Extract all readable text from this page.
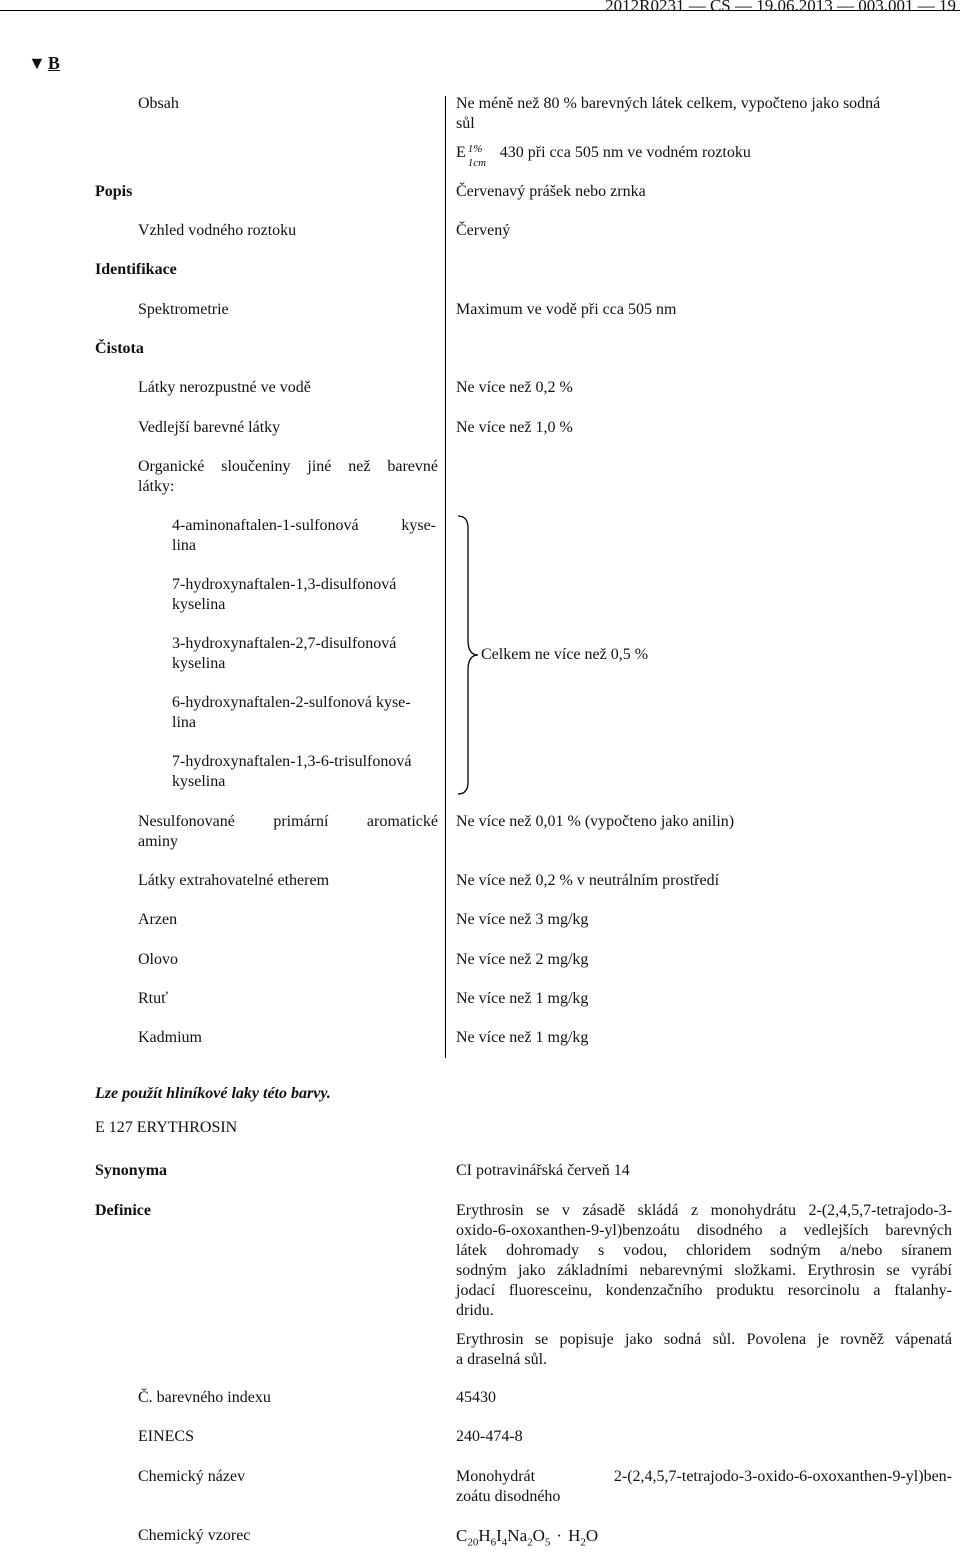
2012R0231 — CS — 19.06.2013 — 003.001 — 19
▼ B
Obsah	Ne méně než 80 % barevných látek celkem, vypočteno jako sodná
sůl
E 1%
1cm
430 při cca 505 nm ve vodném roztoku
Popis	Červenavý prášek nebo zrnka
Vzhled vodného roztoku	Červený
Identifikace
Spektrometrie	Maximum ve vodě při cca 505 nm
Čistota
Látky nerozpustné ve vodě	Ne více než 0,2 %
Vedlejší barevné látky	Ne více než 1,0 %
Organické sloučeniny jiné než barevné
látky:
4-aminonaftalen-1-sulfonová kyse-
lina
7-hydroxynaftalen-1,3-disulfonová
kyselina
3-hydroxynaftalen-2,7-disulfonová
kyselina
6-hydroxynaftalen-2-sulfonová kyse-
lina
7-hydroxynaftalen-1,3-6-trisulfonová
kyselina
Celkem ne více než 0,5 %
Nesulfonované primární aromatické
aminy
Ne více než 0,01 % (vypočteno jako anilin)
Látky extrahovatelné etherem	Ne více než 0,2 % v neutrálním prostředí
Arzen	Ne více než 3 mg/kg
Olovo	Ne více než 2 mg/kg
Rtuť	Ne více než 1 mg/kg
Kadmium	Ne více než 1 mg/kg
Lze použít hliníkové laky této barvy.
E 127 ERYTHROSIN
Synonyma	CI potravinářská červeň 14
Definice	Erythrosin se v zásadě skládá z monohydrátu 2-(2,4,5,7-tetrajodo-3-
oxido-6-oxoxanthen-9-yl)benzoátu disodného a vedlejších barevných
látek dohromady s vodou, chloridem sodným a/nebo síranem
sodným jako základními nebarevnými složkami. Erythrosin se vyrábí
jodací fluoresceinu, kondenzačního produktu resorcinolu a ftalanhy-
dridu.
Erythrosin se popisuje jako sodná sůl. Povolena je rovněž vápenatá
a draselná sůl.
Č. barevného indexu	45430
EINECS	240-474-8
Chemický název	Monohydrát 2-(2,4,5,7-tetrajodo-3-oxido-6-oxoxanthen-9-yl)ben-
zoátu disodného
Chemický vzorec	$C_{20}H_6I_4Na_2O_5 \cdot H_2O$
